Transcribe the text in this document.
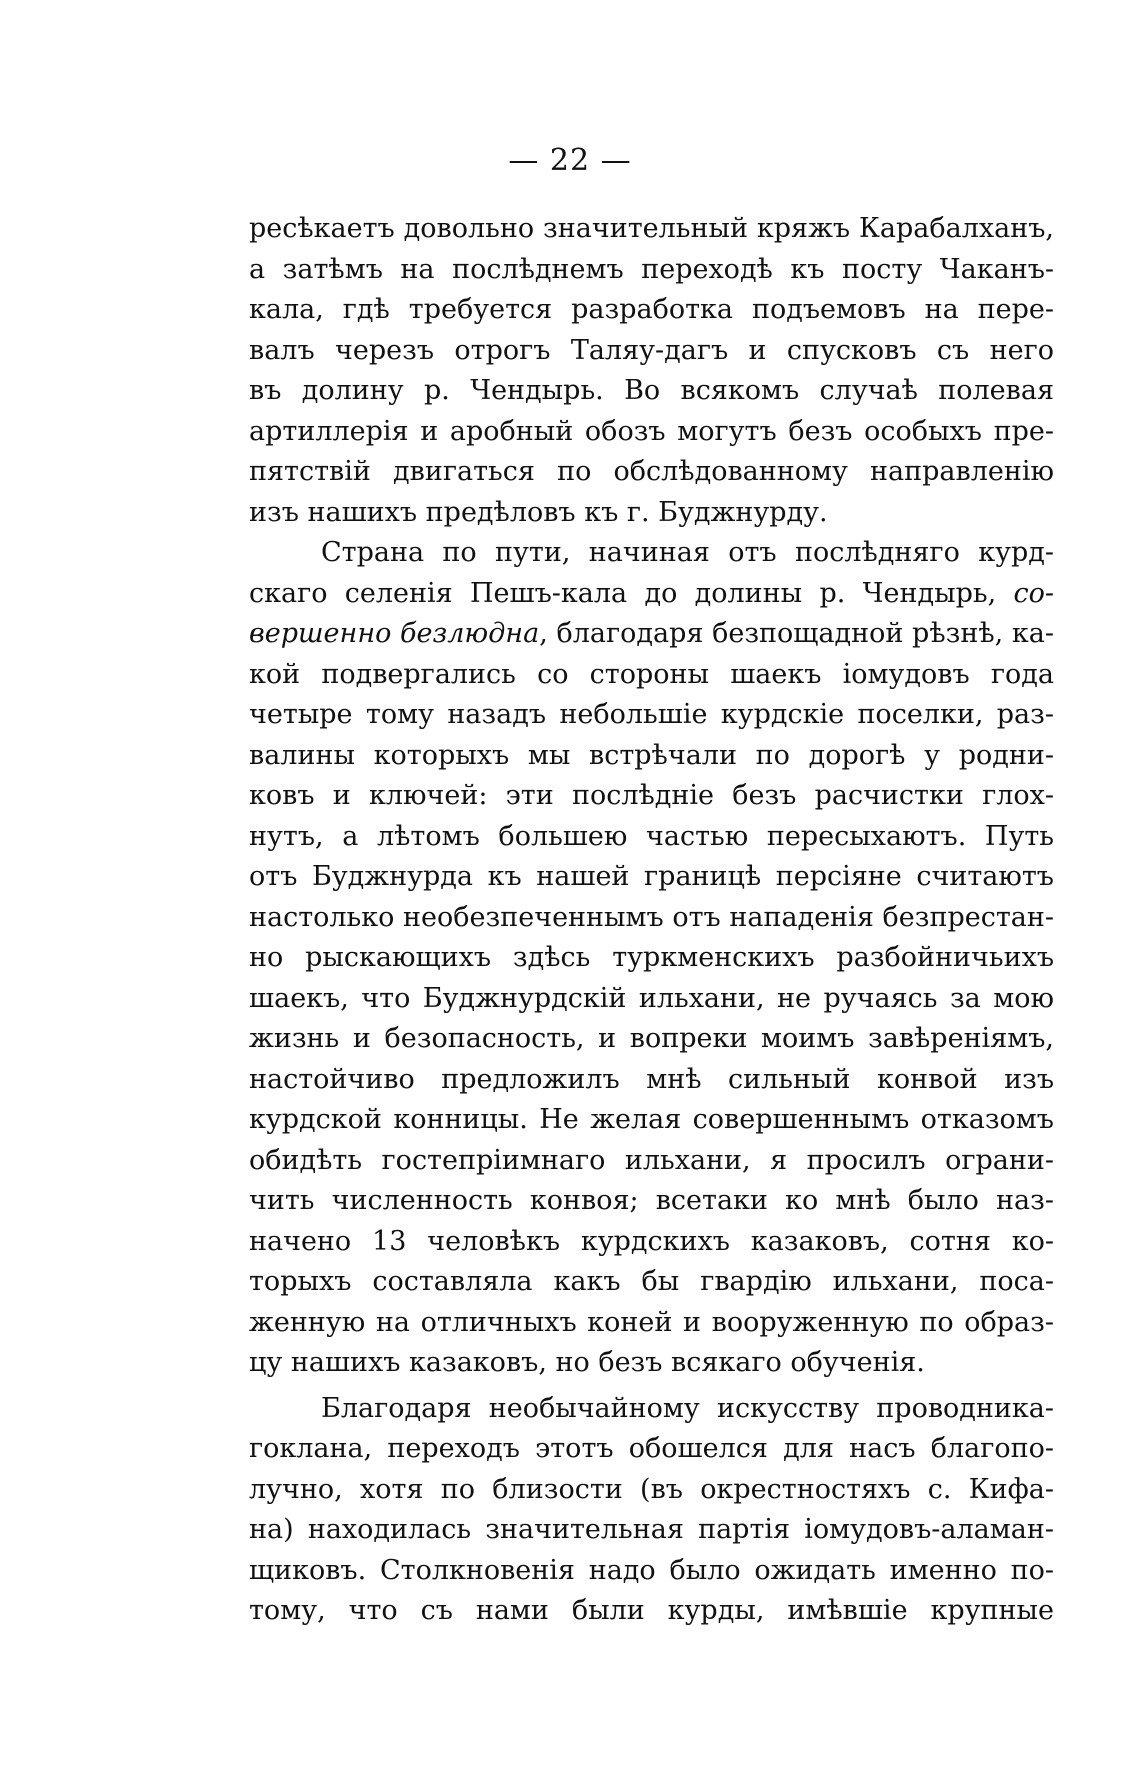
— 22 —
ресѣкаетъ довольно значительный кряжъ Карабалханъ,
а затѣмъ на послѣднемъ переходѣ къ посту Чаканъ-
кала, гдѣ требуется разработка подъемовъ на пере-
валъ черезъ отрогъ Таляу-дагъ и спусковъ съ него
въ долину р. Чендырь. Во всякомъ случаѣ полевая
артиллерія и аробный обозъ могутъ безъ особыхъ пре-
пятствій двигаться по обслѣдованному направленію
изъ нашихъ предѣловъ къ г. Буджнурду.
Страна по пути, начиная отъ послѣдняго курд-
скаго селенія Пешъ-кала до долины р. Чендырь, со-
вершенно безлюдна, благодаря безпощадной рѣзнѣ, ка-
кой подвергались со стороны шаекъ іомудовъ года
четыре тому назадъ небольшіе курдскіе поселки, раз-
валины которыхъ мы встрѣчали по дорогѣ у родни-
ковъ и ключей: эти послѣдніе безъ расчистки глох-
нутъ, а лѣтомъ большею частью пересыхаютъ. Путь
отъ Буджнурда къ нашей границѣ персіяне считаютъ
настолько необезпеченнымъ отъ нападенія безпрестан-
но рыскающихъ здѣсь туркменскихъ разбойничьихъ
шаекъ, что Буджнурдскій ильхани, не ручаясь за мою
жизнь и безопасность, и вопреки моимъ завѣреніямъ,
настойчиво предложилъ мнѣ сильный конвой изъ
курдской конницы. Не желая совершеннымъ отказомъ
обидѣть гостепріимнаго ильхани, я просилъ ограни-
чить численность конвоя; всетаки ко мнѣ было наз-
начено 13 человѣкъ курдскихъ казаковъ, сотня ко-
торыхъ составляла какъ бы гвардію ильхани, поса-
женную на отличныхъ коней и вооруженную по образ-
цу нашихъ казаковъ, но безъ всякаго обученія.
Благодаря необычайному искусству проводника-
гоклана, переходъ этотъ обошелся для насъ благопо-
лучно, хотя по близости (въ окрестностяхъ с. Кифа-
на) находилась значительная партія іомудовъ-аламан-
щиковъ. Столкновенія надо было ожидать именно по-
тому, что съ нами были курды, имѣвшіе крупные
